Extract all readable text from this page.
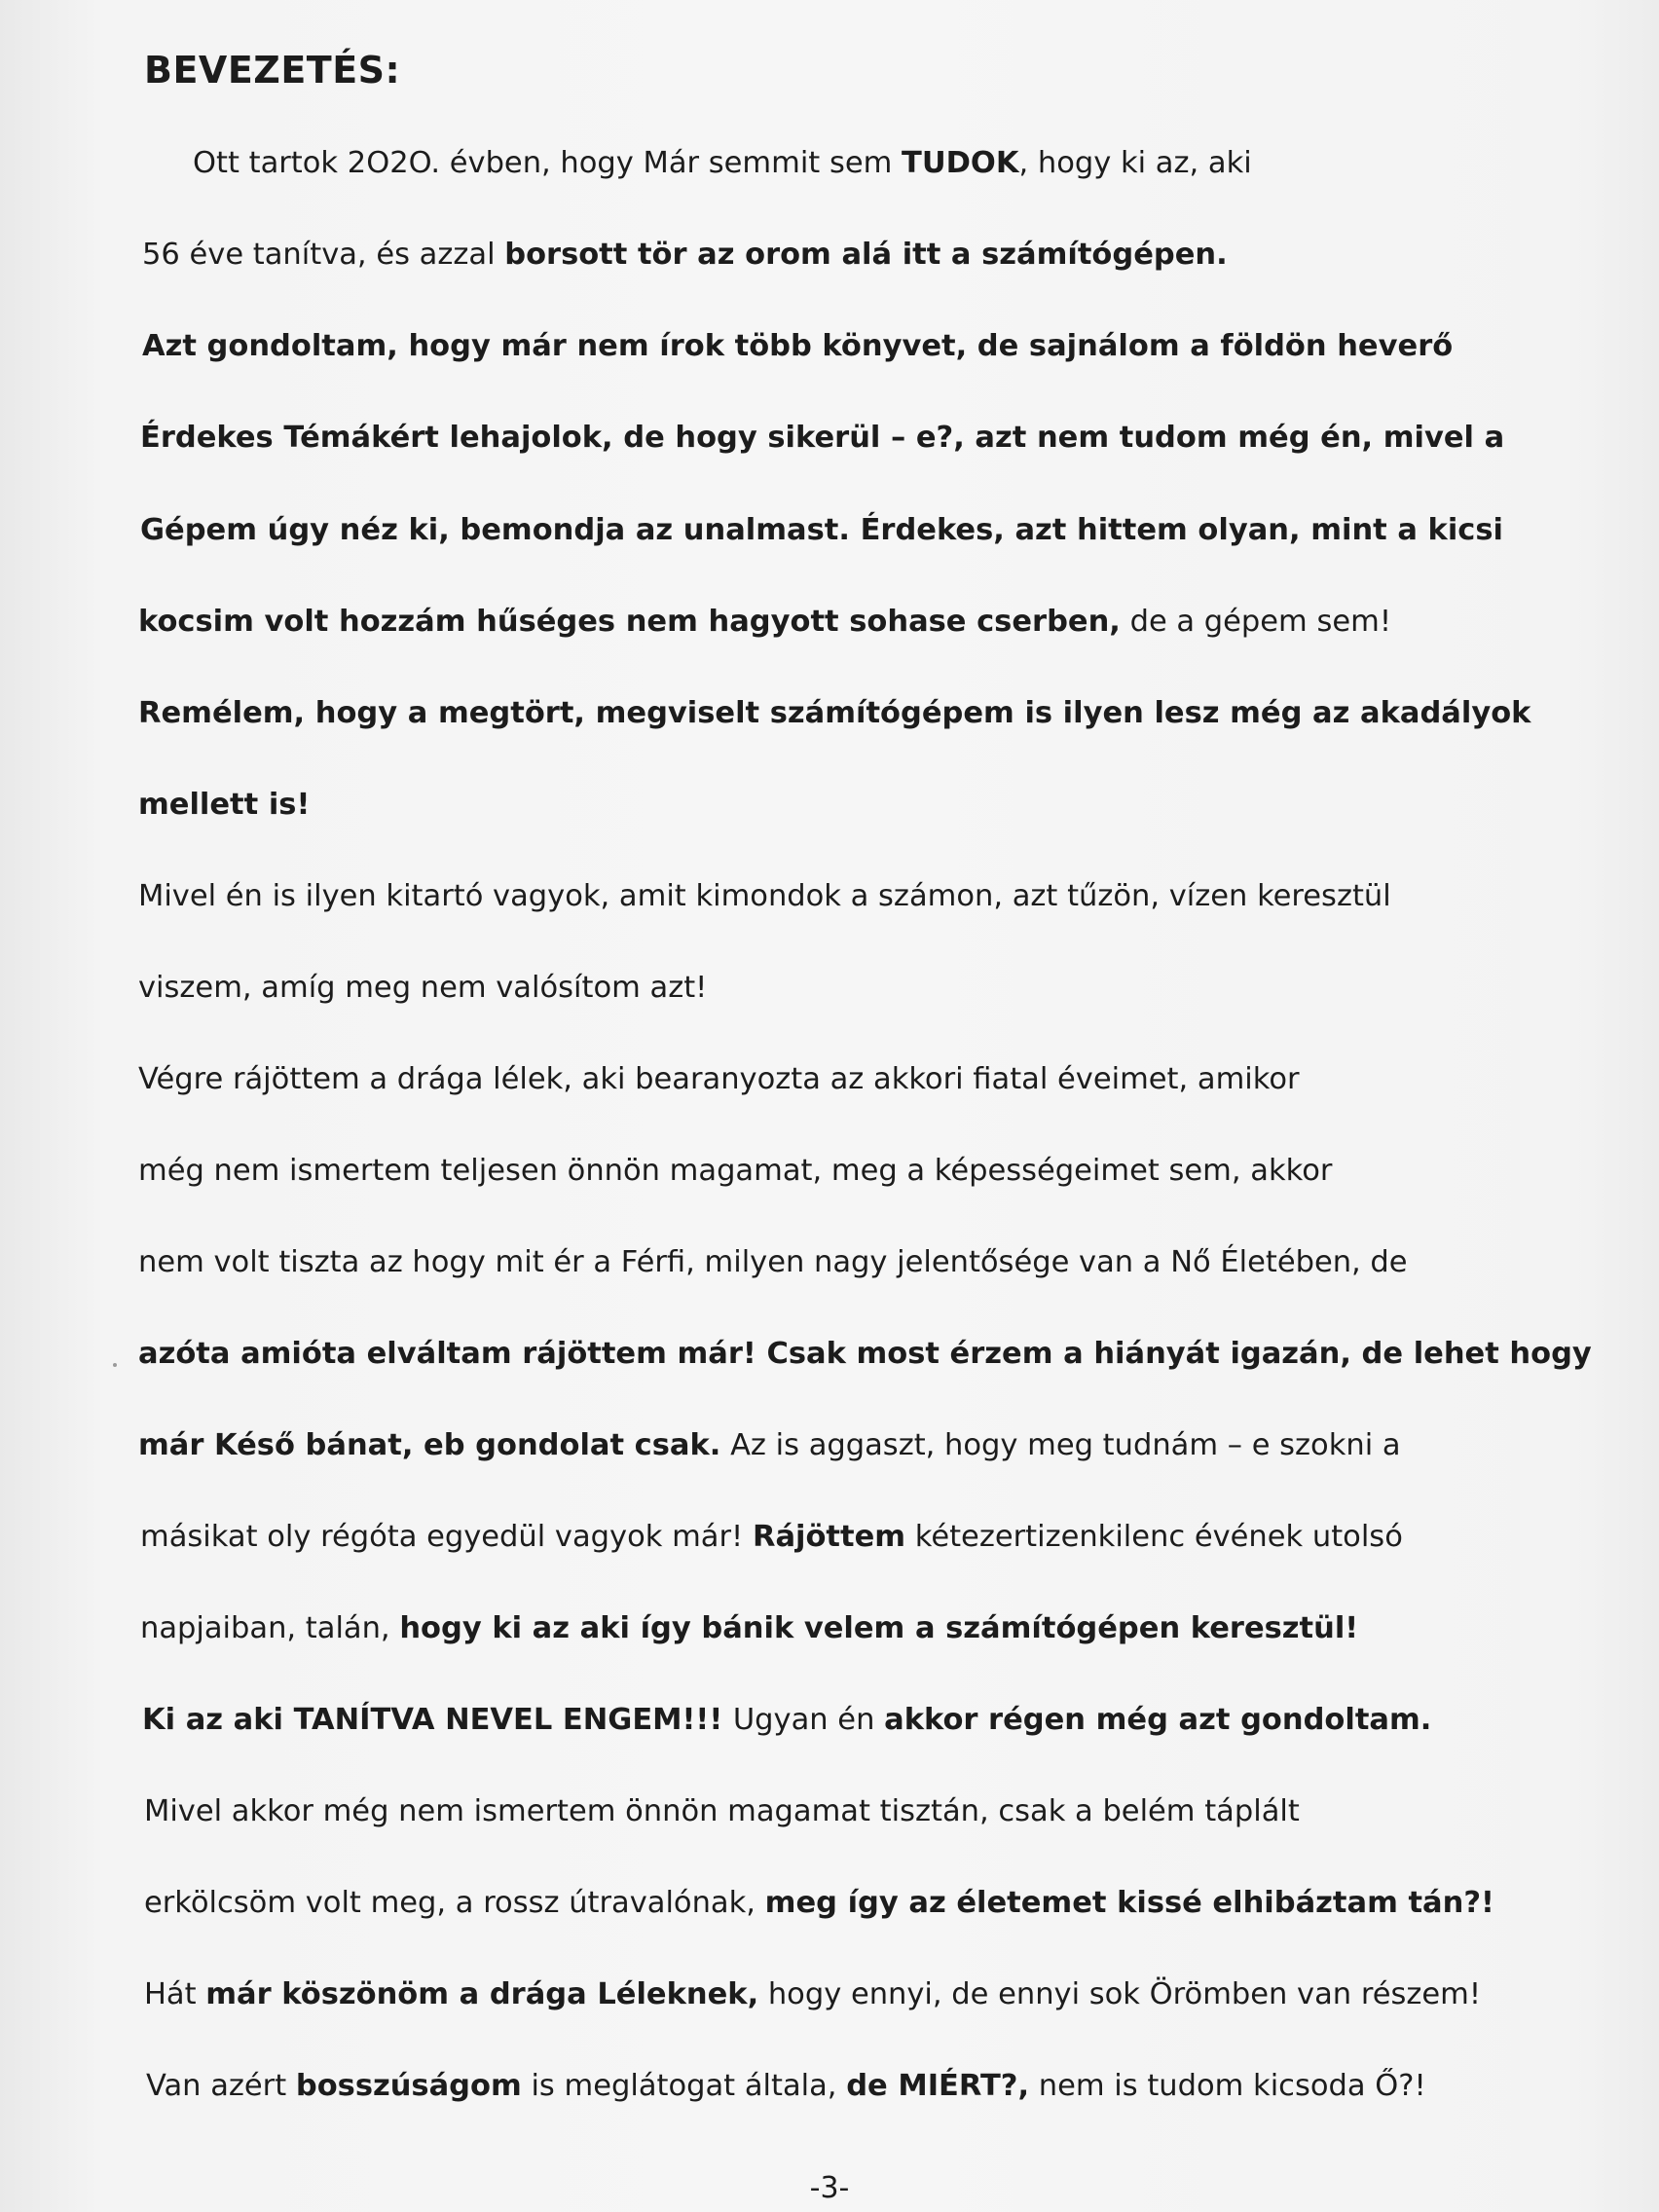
BEVEZETÉS:

Ott tartok 2O2O. évben, hogy Már semmit sem TUDOK, hogy ki az, aki

56 éve tanítva, és azzal borsott tör az orom alá itt a számítógépen.

Azt gondoltam, hogy már nem írok több könyvet, de sajnálom a földön heverő

Érdekes Témákért lehajolok, de hogy sikerül – e?, azt nem tudom még én, mivel a

Gépem úgy néz ki, bemondja az unalmast. Érdekes, azt hittem olyan, mint a kicsi

kocsim volt hozzám hűséges nem hagyott sohase cserben, de a gépem sem!

Remélem, hogy a megtört, megviselt számítógépem is ilyen lesz még az akadályok

mellett is!

Mivel én is ilyen kitartó vagyok, amit kimondok a számon, azt tűzön, vízen keresztül

viszem, amíg meg nem valósítom azt!

Végre rájöttem a drága lélek, aki bearanyozta az akkori fiatal éveimet, amikor

még nem ismertem teljesen önnön magamat, meg a képességeimet sem, akkor

nem volt tiszta az hogy mit ér a Férfi, milyen nagy jelentősége van a Nő Életében, de

azóta amióta elváltam rájöttem már! Csak most érzem a hiányát igazán, de lehet hogy

már Késő bánat, eb gondolat csak. Az is aggaszt, hogy meg tudnám – e szokni a

másikat oly régóta egyedül vagyok már! Rájöttem kétezertizenkilenc évének utolsó

napjaiban, talán, hogy ki az aki így bánik velem a számítógépen keresztül!

Ki az aki TANÍTVA NEVEL ENGEM!!! Ugyan én akkor régen még azt gondoltam.

Mivel akkor még nem ismertem önnön magamat tisztán, csak a belém táplált

erkölcsöm volt meg, a rossz útravalónak, meg így az életemet kissé elhibáztam tán?!

Hát már köszönöm a drága Léleknek, hogy ennyi, de ennyi sok Örömben van részem!

Van azért bosszúságom is meglátogat általa, de MIÉRT?, nem is tudom kicsoda Ő?!

-3-
